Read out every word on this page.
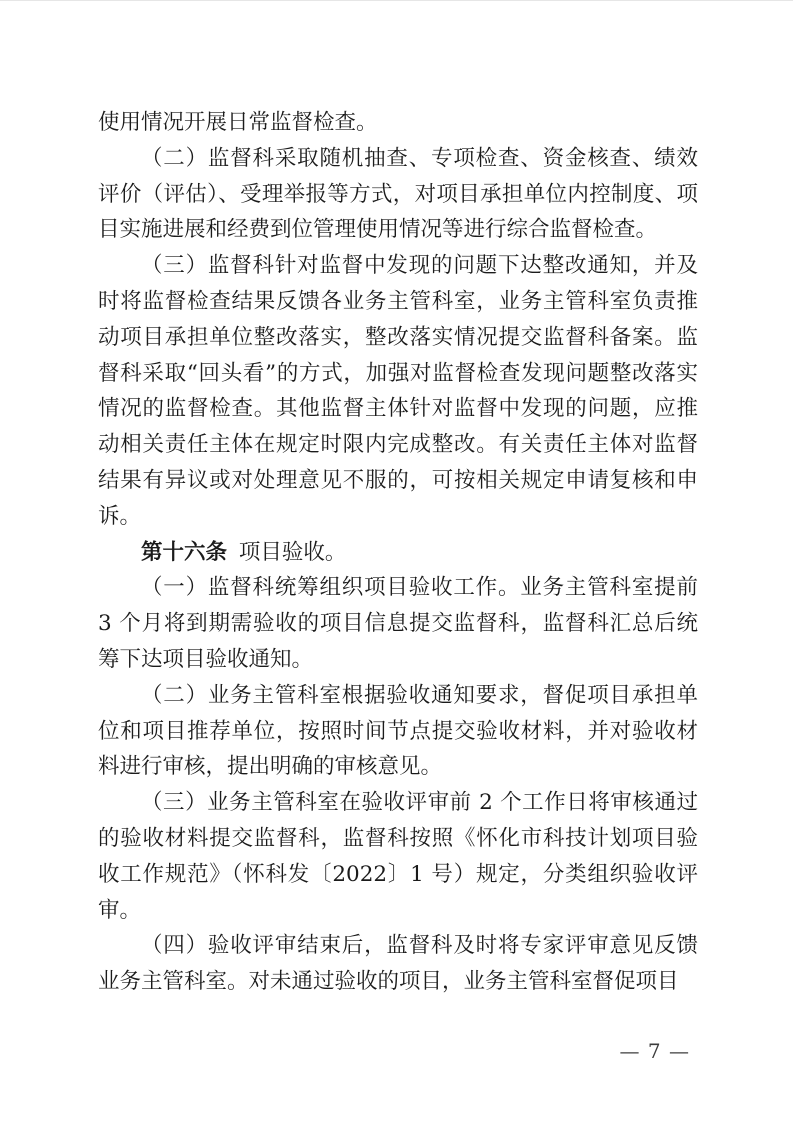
使用情况开展日常监督检查。

（二）监督科采取随机抽查、专项检查、资金核查、绩效评价（评估）、受理举报等方式，对项目承担单位内控制度、项目实施进展和经费到位管理使用情况等进行综合监督检查。

（三）监督科针对监督中发现的问题下达整改通知，并及时将监督检查结果反馈各业务主管科室，业务主管科室负责推动项目承担单位整改落实，整改落实情况提交监督科备案。监督科采取“回头看”的方式，加强对监督检查发现问题整改落实情况的监督检查。其他监督主体针对监督中发现的问题，应推动相关责任主体在规定时限内完成整改。有关责任主体对监督结果有异议或对处理意见不服的，可按相关规定申请复核和申诉。

第十六条 项目验收。

（一）监督科统筹组织项目验收工作。业务主管科室提前 3 个月将到期需验收的项目信息提交监督科，监督科汇总后统筹下达项目验收通知。

（二）业务主管科室根据验收通知要求，督促项目承担单位和项目推荐单位，按照时间节点提交验收材料，并对验收材料进行审核，提出明确的审核意见。

（三）业务主管科室在验收评审前 2 个工作日将审核通过的验收材料提交监督科，监督科按照《怀化市科技计划项目验收工作规范》（怀科发〔2022〕1 号）规定，分类组织验收评审。

（四）验收评审结束后，监督科及时将专家评审意见反馈业务主管科室。对未通过验收的项目，业务主管科室督促项目

— 7 —
